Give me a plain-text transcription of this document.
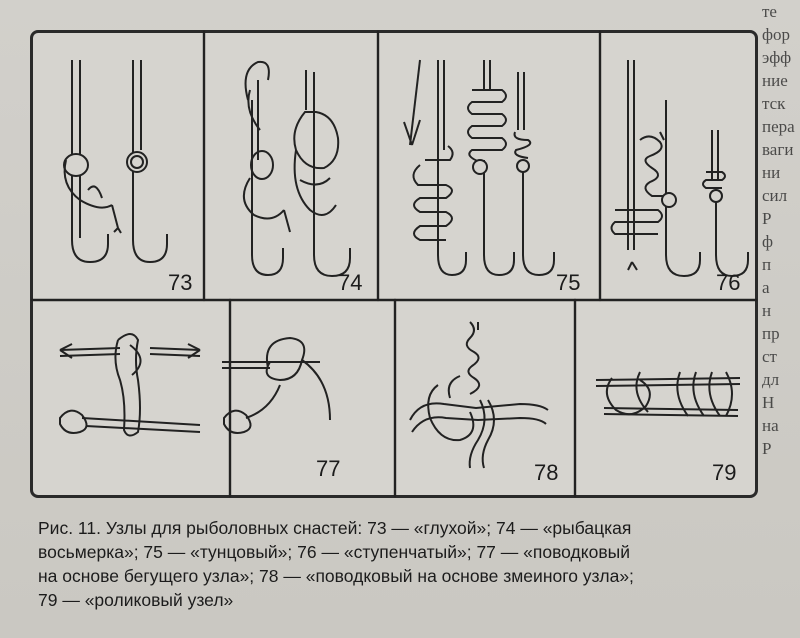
те
фор
эфф
ние
тск
пера
ваги
ни
сил
Р
ф
п
а
н
пр
ст
дл
Н
на
Р
73	74	75	76
77	78	79
Рис. 11. Узлы для рыболовных снастей: 73 — «глухой»; 74 — «рыбацкая
восьмерка»; 75 — «тунцовый»; 76 — «ступенчатый»; 77 — «поводковый
на основе бегущего узла»; 78 — «поводковый на основе змеиного узла»;
79 — «роликовый узел»
